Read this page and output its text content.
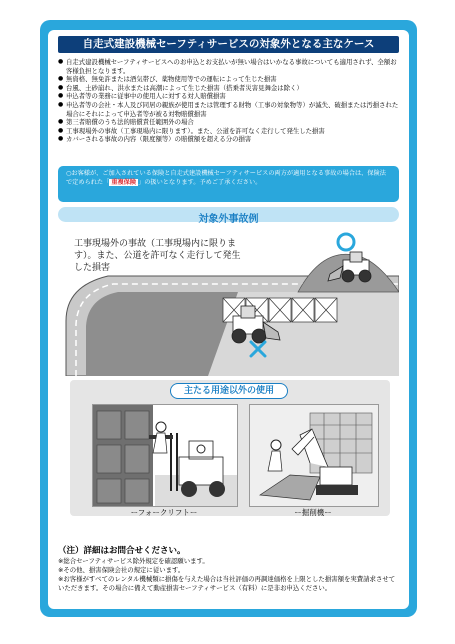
自走式建設機械セーフティサービスの対象外となる主なケース
● 自走式建設機械セーフティサービスへのお申込とお支払いが無い場合はいかなる事故についても適用されず、全額お客様負担となります。
● 無資格、無免許または酒気帯び、薬物使用等での運転によって生じた損害
● 台風、土砂崩れ、洪水または高潮によって生じた損害（搭乗者災害見舞金は除く）
● 申込者等の業務に従事中の使用人に対する対人賠償損害
● 申込者等の会社・本人及び同居の親族が使用または管理する財物（工事の対象物等）が滅失、破損または汚損された場合にそれによって申込者等が被る対物賠償損害
● 第三者賠償のうち法的賠償責任範囲外の場合
● 工事現場外の事故（工事現場内に限ります）。また、公道を許可なく走行して発生した損害
● カバーされる事故の内容（限度額等）の賠償額を超える分の損害
○お客様が、ご加入されている保険と自走式建設機械セーフティサービスの両方が適用となる事故の場合は、保険法で定められた「 重複保険 」の扱いとなります。予めご了承ください。
対象外事故例
工事現場外の事故（工事現場内に限ります）。また、公道を許可なく走行して発生した損害
主たる用途以外の使用
ーフォークリフトー	ー掘削機ー
（注）詳細はお問合せください。
※総合セーフティサービス除外規定を確認願います。
※その他、損害保険会社の規定に従います。
※お客様がすべてのレンタル機械類に損傷を与えた場合は当社評価の再調達価格を上限とした損害額を実費請求させていただきます。その場合に備えて動産損害セーフティサービス（有料）に是非お申込ください。
